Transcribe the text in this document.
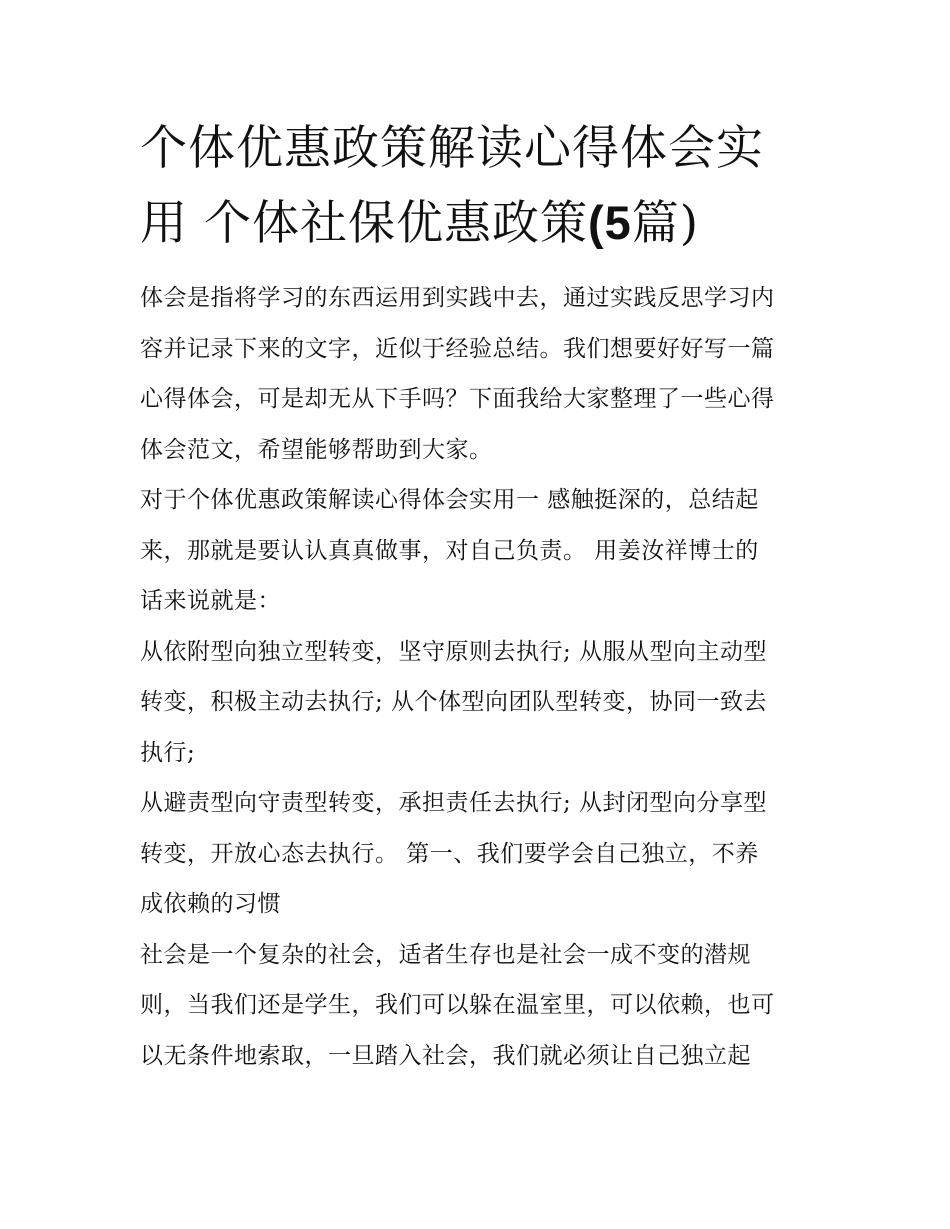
个体优惠政策解读心得体会实
用 个体社保优惠政策(5篇)

体会是指将学习的东西运用到实践中去，通过实践反思学习内
容并记录下来的文字，近似于经验总结。我们想要好好写一篇
心得体会，可是却无从下手吗？下面我给大家整理了一些心得
体会范文，希望能够帮助到大家。

对于个体优惠政策解读心得体会实用一 感触挺深的，总结起
来，那就是要认认真真做事，对自己负责。 用姜汝祥博士的
话来说就是：

从依附型向独立型转变，坚守原则去执行; 从服从型向主动型
转变，积极主动去执行; 从个体型向团队型转变，协同一致去
执行;

从避责型向守责型转变，承担责任去执行; 从封闭型向分享型
转变，开放心态去执行。 第一、我们要学会自己独立，不养
成依赖的习惯

社会是一个复杂的社会，适者生存也是社会一成不变的潜规
则，当我们还是学生，我们可以躲在温室里，可以依赖，也可
以无条件地索取，一旦踏入社会，我们就必须让自己独立起
